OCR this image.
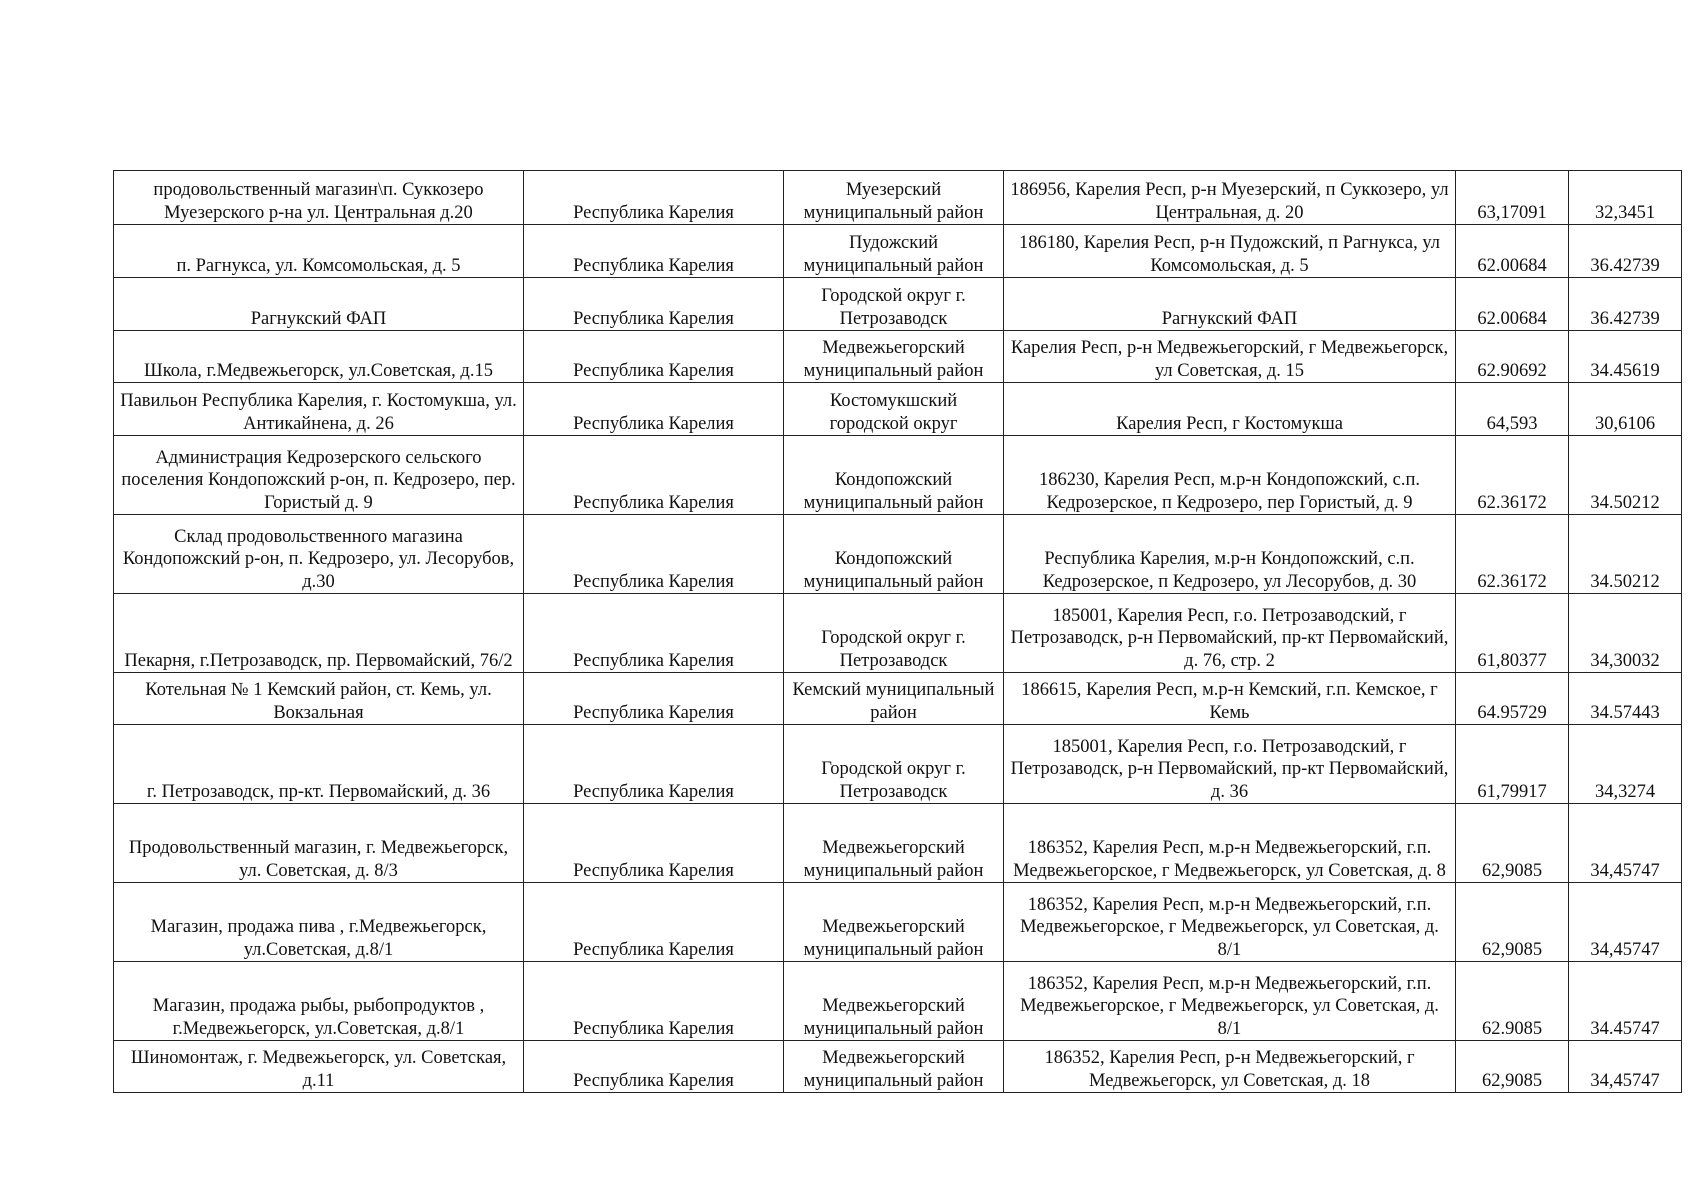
продовольственный магазин\п. Суккозеро Муезерского р-на ул. Центральная д.20	Республика Карелия	Муезерский муниципальный район	186956, Карелия Респ, р-н Муезерский, п Суккозеро, ул Центральная, д. 20	63,17091	32,3451

п. Рагнукса, ул. Комсомольская, д. 5	Республика Карелия	Пудожский муниципальный район	186180, Карелия Респ, р-н Пудожский, п Рагнукса, ул Комсомольская, д. 5	62.00684	36.42739

Рагнукский ФАП	Республика Карелия	Городской округ г. Петрозаводск	Рагнукский ФАП	62.00684	36.42739

Школа, г.Медвежьегорск, ул.Советская, д.15	Республика Карелия	Медвежьегорский муниципальный район	Карелия Респ, р-н Медвежьегорский, г Медвежьегорск, ул Советская, д. 15	62.90692	34.45619

Павильон Республика Карелия, г. Костомукша, ул. Антикайнена, д. 26	Республика Карелия	Костомукшский городской округ	Карелия Респ, г Костомукша	64,593	30,6106

Администрация Кедрозерского сельского поселения Кондопожский р-он, п. Кедрозеро, пер. Гористый д. 9	Республика Карелия	Кондопожский муниципальный район	186230, Карелия Респ, м.р-н Кондопожский, с.п. Кедрозерское, п Кедрозеро, пер Гористый, д. 9	62.36172	34.50212

Склад продовольственного магазина Кондопожский р-он, п. Кедрозеро, ул. Лесорубов, д.30	Республика Карелия	Кондопожский муниципальный район	Республика Карелия, м.р-н Кондопожский, с.п. Кедрозерское, п Кедрозеро, ул Лесорубов, д. 30	62.36172	34.50212

Пекарня, г.Петрозаводск, пр. Первомайский, 76/2	Республика Карелия	Городской округ г. Петрозаводск	185001, Карелия Респ, г.о. Петрозаводский, г Петрозаводск, р-н Первомайский, пр-кт Первомайский, д. 76, стр. 2	61,80377	34,30032

Котельная № 1 Кемский район, ст. Кемь, ул. Вокзальная	Республика Карелия	Кемский муниципальный район	186615, Карелия Респ, м.р-н Кемский, г.п. Кемское, г Кемь	64.95729	34.57443

г. Петрозаводск, пр-кт. Первомайский, д. 36	Республика Карелия	Городской округ г. Петрозаводск	185001, Карелия Респ, г.о. Петрозаводский, г Петрозаводск, р-н Первомайский, пр-кт Первомайский, д. 36	61,79917	34,3274

Продовольственный магазин, г. Медвежьегорск, ул. Советская, д. 8/3	Республика Карелия	Медвежьегорский муниципальный район	186352, Карелия Респ, м.р-н Медвежьегорский, г.п. Медвежьегорское, г Медвежьегорск, ул Советская, д. 8	62,9085	34,45747

Магазин, продажа пива , г.Медвежьегорск, ул.Советская, д.8/1	Республика Карелия	Медвежьегорский муниципальный район	186352, Карелия Респ, м.р-н Медвежьегорский, г.п. Медвежьегорское, г Медвежьегорск, ул Советская, д. 8/1	62,9085	34,45747

Магазин, продажа рыбы, рыбопродуктов , г.Медвежьегорск, ул.Советская, д.8/1	Республика Карелия	Медвежьегорский муниципальный район	186352, Карелия Респ, м.р-н Медвежьегорский, г.п. Медвежьегорское, г Медвежьегорск, ул Советская, д. 8/1	62.9085	34.45747

Шиномонтаж, г. Медвежьегорск, ул. Советская, д.11	Республика Карелия	Медвежьегорский муниципальный район	186352, Карелия Респ, р-н Медвежьегорский, г Медвежьегорск, ул Советская, д. 18	62,9085	34,45747
